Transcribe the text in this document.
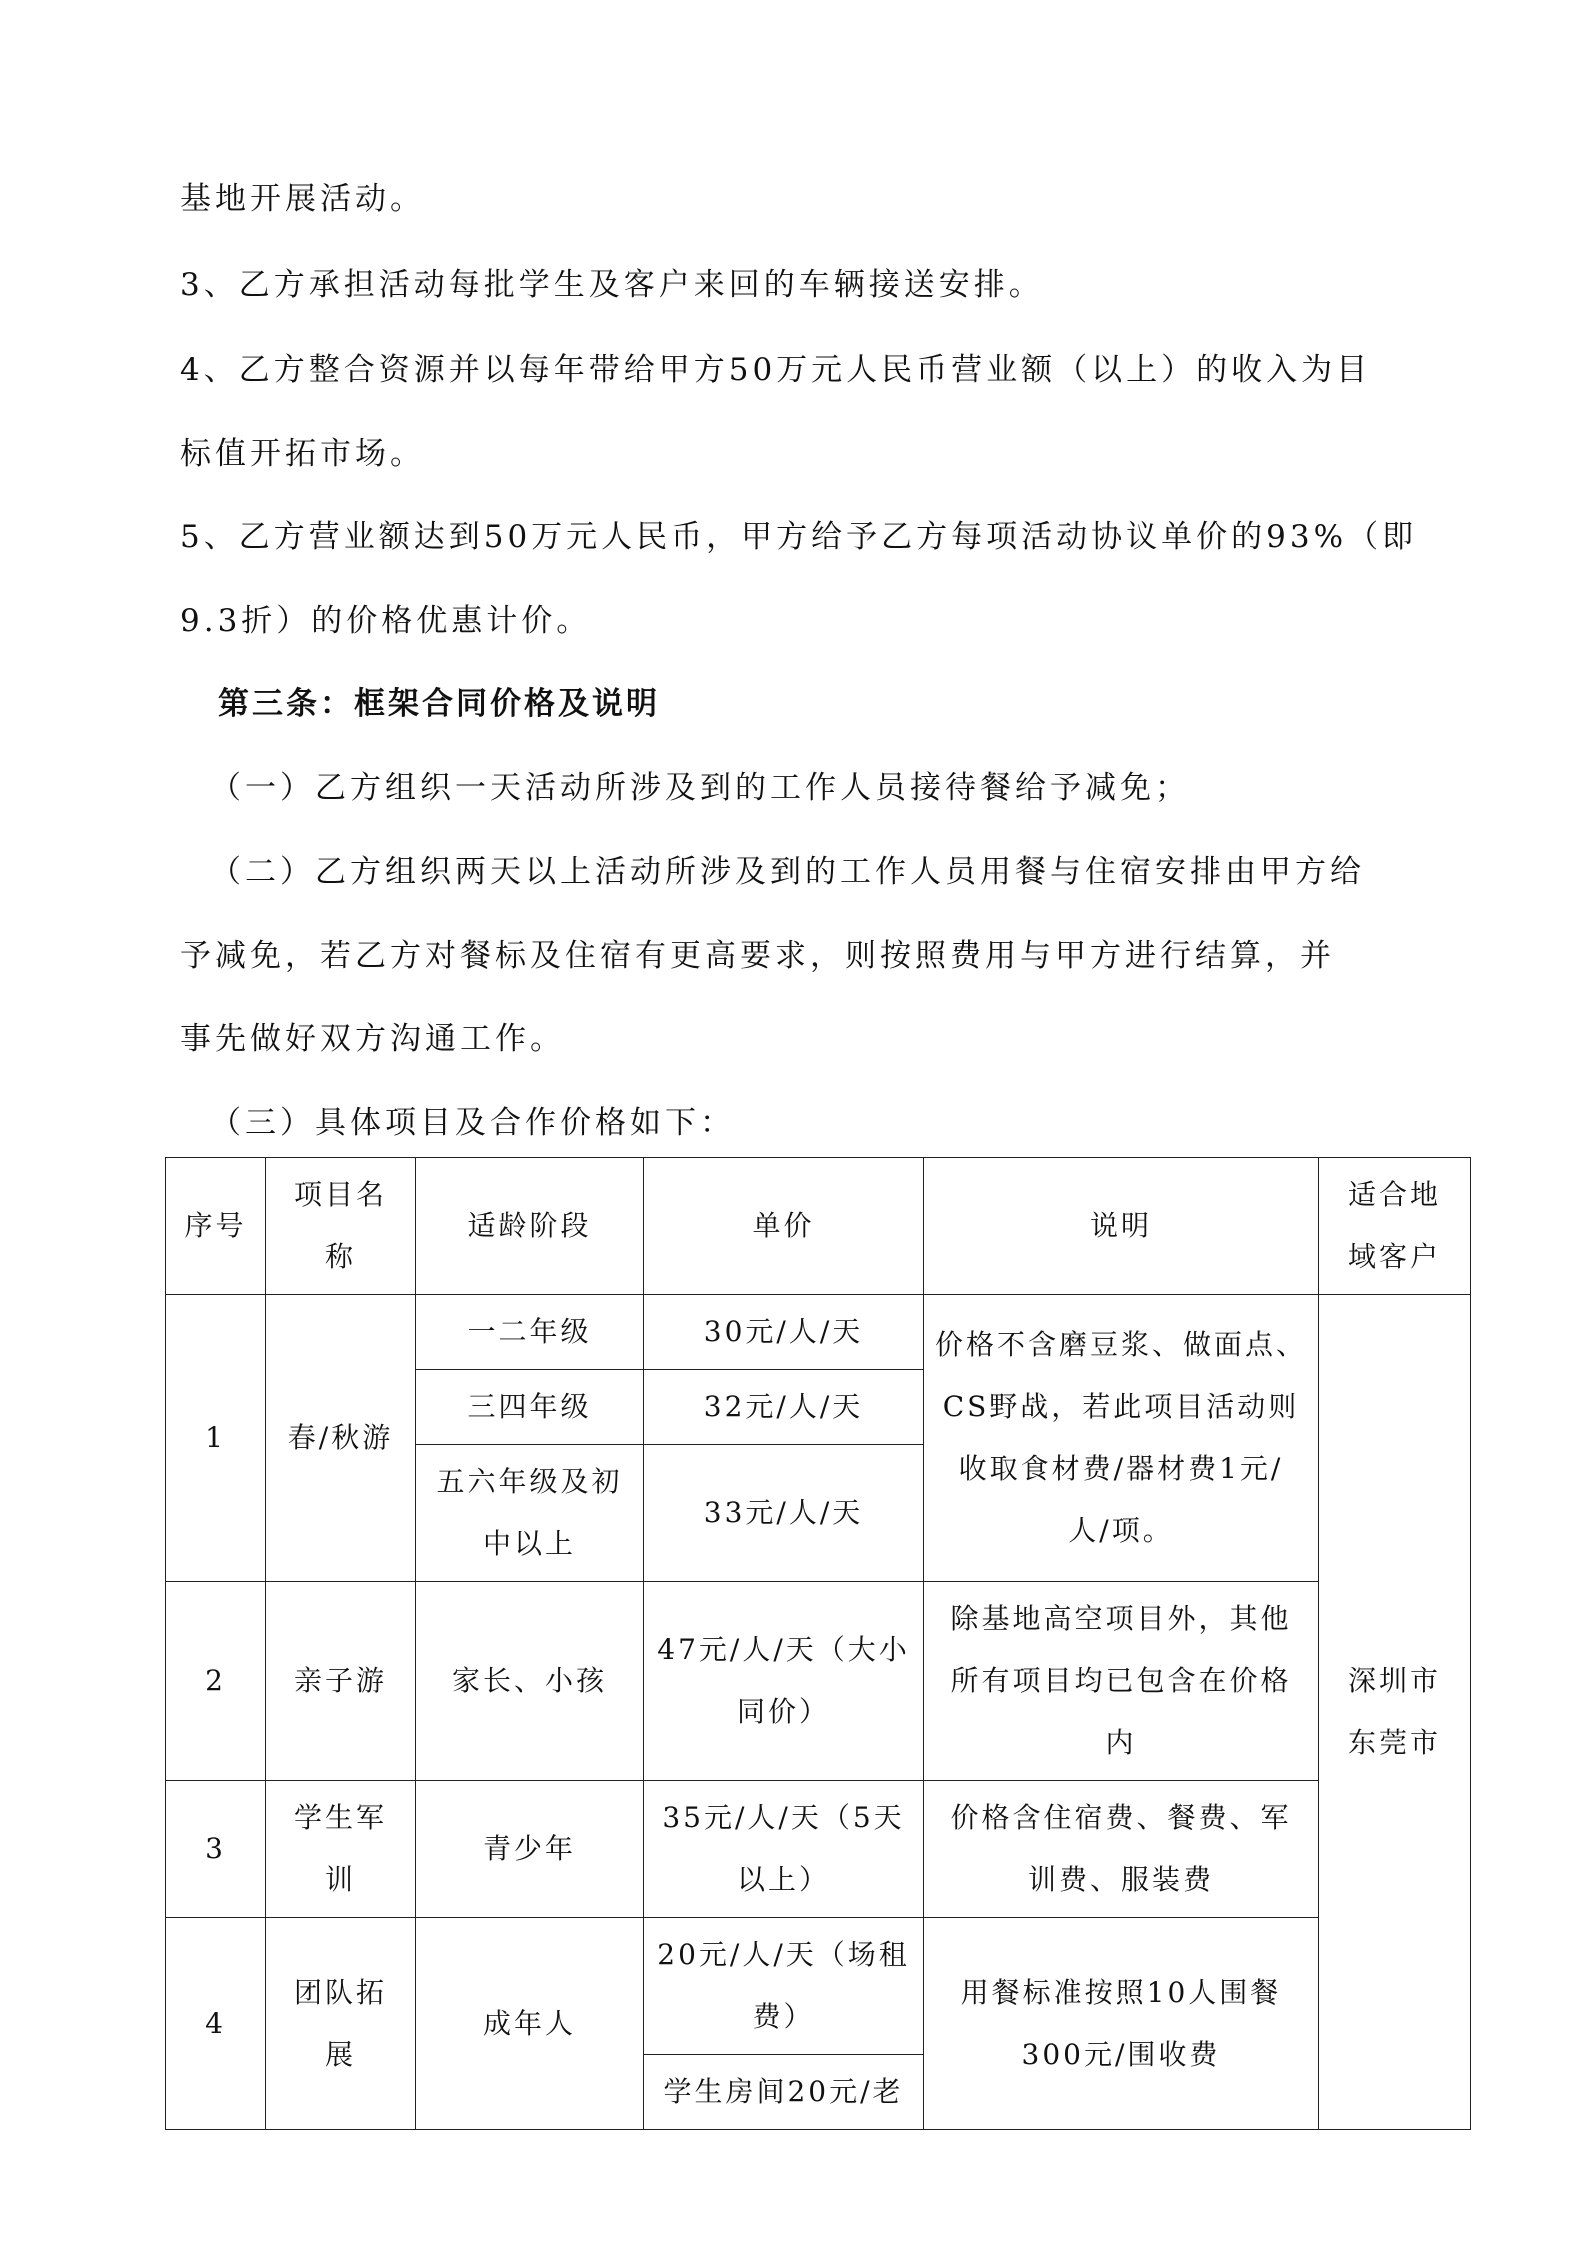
基地开展活动。
3、乙方承担活动每批学生及客户来回的车辆接送安排。
4、乙方整合资源并以每年带给甲方50万元人民币营业额（以上）的收入为目
标值开拓市场。
5、乙方营业额达到50万元人民币，甲方给予乙方每项活动协议单价的93%（即
9.3折）的价格优惠计价。
第三条：框架合同价格及说明
（一）乙方组织一天活动所涉及到的工作人员接待餐给予减免；
（二）乙方组织两天以上活动所涉及到的工作人员用餐与住宿安排由甲方给
予减免，若乙方对餐标及住宿有更高要求，则按照费用与甲方进行结算，并
事先做好双方沟通工作。
（三）具体项目及合作价格如下：
序号	项目名
称	适龄阶段	单价	说明	适合地
域客户

1	春/秋游	一二年级	30元/人/天	价格不含磨豆浆、做面点、
CS野战，若此项目活动则
收取食材费/器材费1元/
人/项。	深圳市
东莞市

		三四年级	32元/人/天		

		五六年级及初
中以上	33元/人/天		

2	亲子游	家长、小孩	47元/人/天（大小
同价）	除基地高空项目外，其他
所有项目均已包含在价格
内	

3	学生军
训	青少年	35元/人/天（5天
以上）	价格含住宿费、餐费、军
训费、服装费	

4	团队拓
展	成年人	20元/人/天（场租
费）	用餐标准按照10人围餐
300元/围收费	

			学生房间20元/老		
